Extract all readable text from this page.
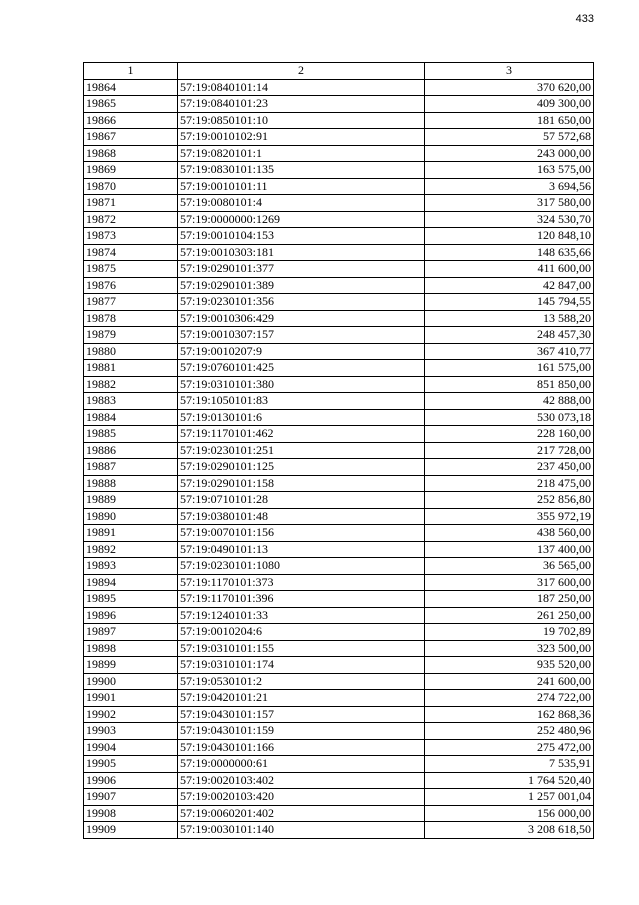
433
1	2	3
19864	57:19:0840101:14	370 620,00
19865	57:19:0840101:23	409 300,00
19866	57:19:0850101:10	181 650,00
19867	57:19:0010102:91	57 572,68
19868	57:19:0820101:1	243 000,00
19869	57:19:0830101:135	163 575,00
19870	57:19:0010101:11	3 694,56
19871	57:19:0080101:4	317 580,00
19872	57:19:0000000:1269	324 530,70
19873	57:19:0010104:153	120 848,10
19874	57:19:0010303:181	148 635,66
19875	57:19:0290101:377	411 600,00
19876	57:19:0290101:389	42 847,00
19877	57:19:0230101:356	145 794,55
19878	57:19:0010306:429	13 588,20
19879	57:19:0010307:157	248 457,30
19880	57:19:0010207:9	367 410,77
19881	57:19:0760101:425	161 575,00
19882	57:19:0310101:380	851 850,00
19883	57:19:1050101:83	42 888,00
19884	57:19:0130101:6	530 073,18
19885	57:19:1170101:462	228 160,00
19886	57:19:0230101:251	217 728,00
19887	57:19:0290101:125	237 450,00
19888	57:19:0290101:158	218 475,00
19889	57:19:0710101:28	252 856,80
19890	57:19:0380101:48	355 972,19
19891	57:19:0070101:156	438 560,00
19892	57:19:0490101:13	137 400,00
19893	57:19:0230101:1080	36 565,00
19894	57:19:1170101:373	317 600,00
19895	57:19:1170101:396	187 250,00
19896	57:19:1240101:33	261 250,00
19897	57:19:0010204:6	19 702,89
19898	57:19:0310101:155	323 500,00
19899	57:19:0310101:174	935 520,00
19900	57:19:0530101:2	241 600,00
19901	57:19:0420101:21	274 722,00
19902	57:19:0430101:157	162 868,36
19903	57:19:0430101:159	252 480,96
19904	57:19:0430101:166	275 472,00
19905	57:19:0000000:61	7 535,91
19906	57:19:0020103:402	1 764 520,40
19907	57:19:0020103:420	1 257 001,04
19908	57:19:0060201:402	156 000,00
19909	57:19:0030101:140	3 208 618,50
